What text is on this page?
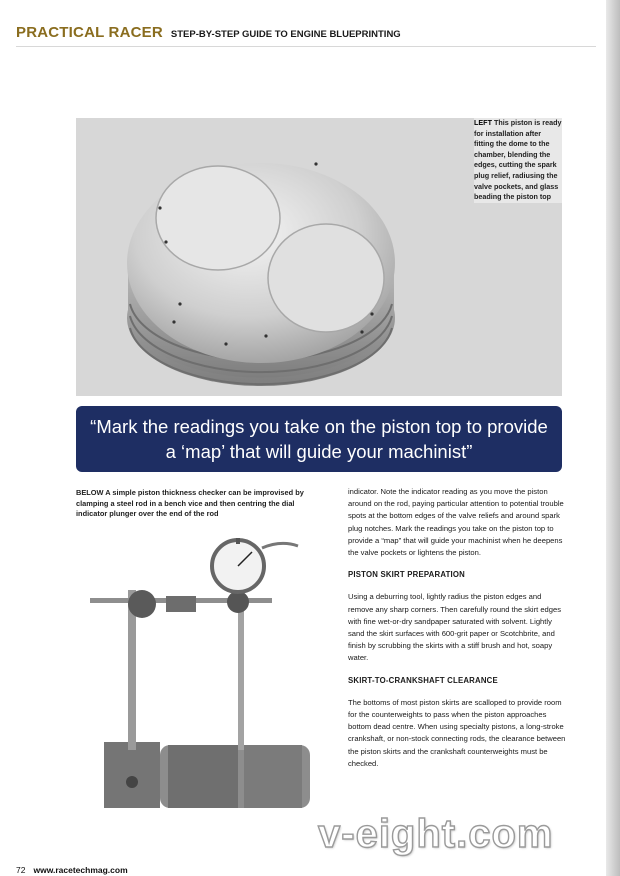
PRACTICAL RACER STEP-BY-STEP GUIDE TO ENGINE BLUEPRINTING
LEFT This piston is ready for installation after fitting the dome to the chamber, blending the edges, cutting the spark plug relief, radiusing the valve pockets, and glass beading the piston top
“Mark the readings you take on the piston top to provide a ‘map’ that will guide your machinist”
BELOW A simple piston thickness checker can be improvised by clamping a steel rod in a bench vice and then centring the dial indicator plunger over the end of the rod

indicator. Note the indicator reading as you move the piston around on the rod, paying particular attention to potential trouble spots at the bottom edges of the valve reliefs and around spark plug notches. Mark the readings you take on the piston top to provide a “map” that will guide your machinist when he deepens the valve pockets or lightens the piston.

PISTON SKIRT PREPARATION

Using a deburring tool, lightly radius the piston edges and remove any sharp corners. Then carefully round the skirt edges with fine wet-or-dry sandpaper saturated with solvent. Lightly sand the skirt surfaces with 600-grit paper or Scotchbrite, and finish by scrubbing the skirts with a stiff brush and hot, soapy water.

SKIRT-TO-CRANKSHAFT CLEARANCE

The bottoms of most piston skirts are scalloped to provide room for the counterweights to pass when the piston approaches bottom dead centre. When using specialty pistons, a long-stroke crankshaft, or non-stock connecting rods, the clearance between the piston skirts and the crankshaft counterweights must be checked.

v-eight.com
72 www.racetechmag.com
